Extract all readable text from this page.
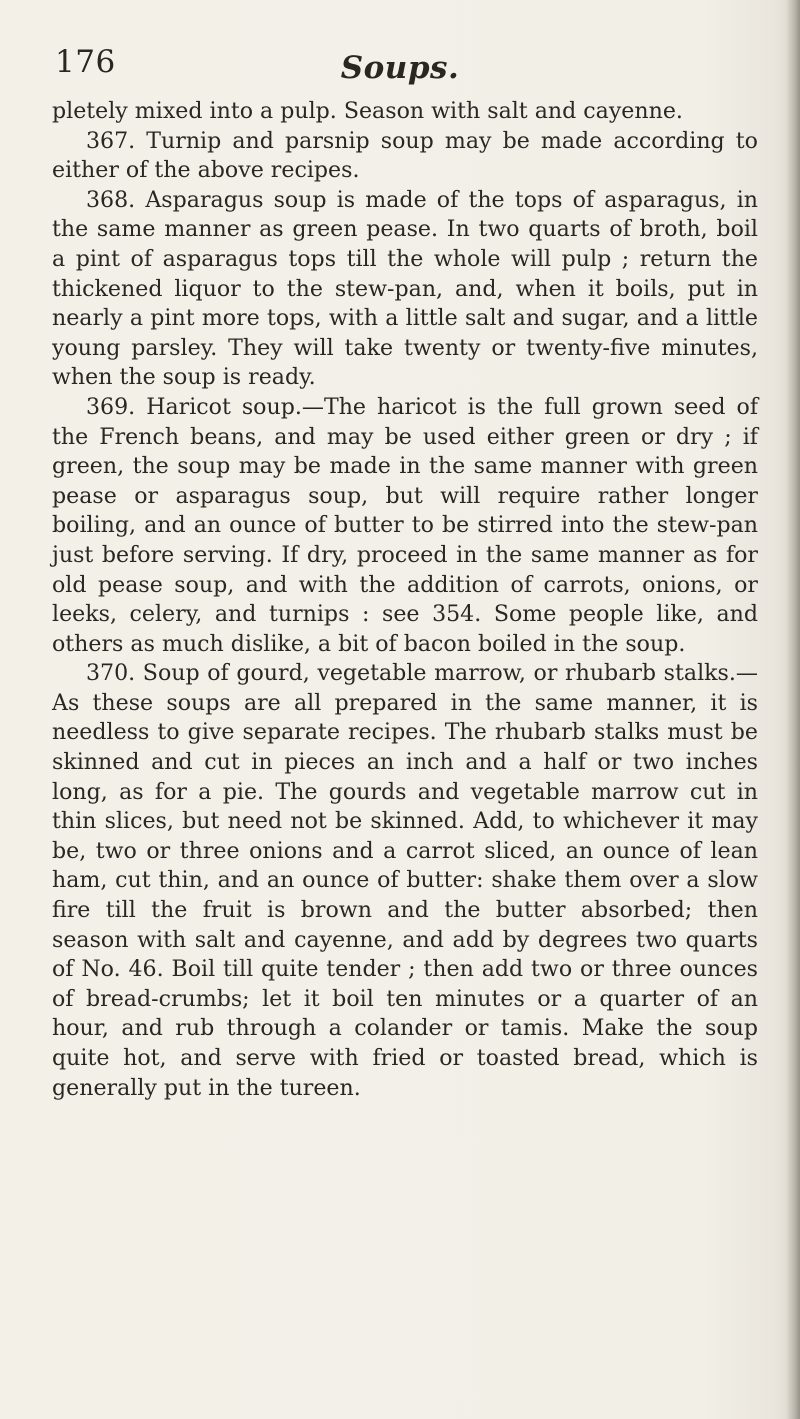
176	Soups.

pletely mixed into a pulp. Season with salt and cayenne.

367. Turnip and parsnip soup may be made according to either of the above recipes.

368. Asparagus soup is made of the tops of asparagus, in the same manner as green pease. In two quarts of broth, boil a pint of asparagus tops till the whole will pulp ; return the thickened liquor to the stew-pan, and, when it boils, put in nearly a pint more tops, with a little salt and sugar, and a little young parsley. They will take twenty or twenty-five minutes, when the soup is ready.

369. Haricot soup.—The haricot is the full grown seed of the French beans, and may be used either green or dry ; if green, the soup may be made in the same manner with green pease or asparagus soup, but will require rather longer boiling, and an ounce of butter to be stirred into the stew-pan just before serving. If dry, proceed in the same manner as for old pease soup, and with the addition of carrots, onions, or leeks, celery, and turnips : see 354. Some people like, and others as much dislike, a bit of bacon boiled in the soup.

370. Soup of gourd, vegetable marrow, or rhubarb stalks.—As these soups are all prepared in the same manner, it is needless to give separate recipes. The rhubarb stalks must be skinned and cut in pieces an inch and a half or two inches long, as for a pie. The gourds and vegetable marrow cut in thin slices, but need not be skinned. Add, to whichever it may be, two or three onions and a carrot sliced, an ounce of lean ham, cut thin, and an ounce of butter: shake them over a slow fire till the fruit is brown and the butter absorbed; then season with salt and cayenne, and add by degrees two quarts of No. 46. Boil till quite tender ; then add two or three ounces of bread-crumbs; let it boil ten minutes or a quarter of an hour, and rub through a colander or tamis. Make the soup quite hot, and serve with fried or toasted bread, which is generally put in the tureen.
